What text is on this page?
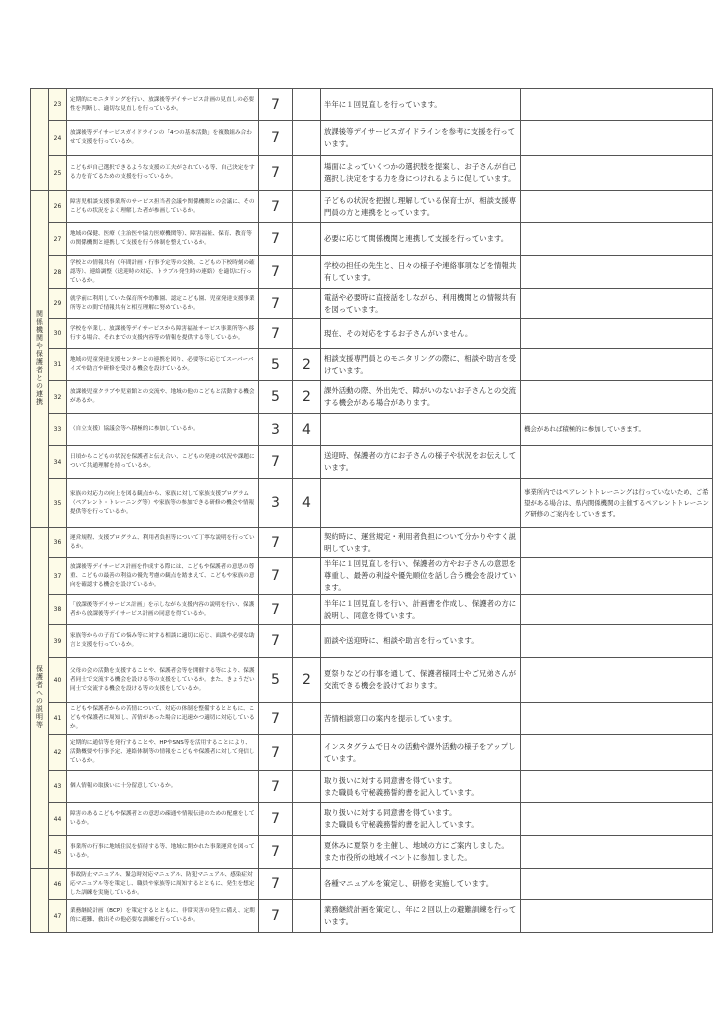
	23	定期的にモニタリングを行い、放課後等デイサービス計画の見直しの必要性を判断し、適切な見直しを行っているか。	7		半年に１回見直しを行っています。	
	24	放課後等デイサービスガイドラインの「4つの基本活動」を複数組み合わせて支援を行っているか。	7		放課後等デイサービスガイドラインを参考に支援を行っています。	
	25	こどもが自己選択できるような支援の工夫がされている等、自己決定をする力を育てるための支援を行っているか。	7		場面によっていくつかの選択肢を提案し、お子さんが自己選択し決定をする力を身につけれるように促しています。	
関係機関や保護者との連携	26	障害児相談支援事業所のサービス担当者会議や関係機関との会議に、そのこどもの状況をよく理解した者が参画しているか。	7		子どもの状況を把握し理解している保育士が、相談支援専門員の方と連携をとっています。	
	27	地域の保健、医療（主治医や協力医療機関等）、障害福祉、保育、教育等の関係機関と連携して支援を行う体制を整えているか。	7		必要に応じて関係機関と連携して支援を行っています。	
	28	学校との情報共有（年間計画・行事予定等の交換、こどもの下校時刻の確認等）、連絡調整（送迎時の対応、トラブル発生時の連絡）を適切に行っているか。	7		学校の担任の先生と、日々の様子や連絡事項などを情報共有しています。	
	29	就学前に利用していた保育所や幼稚園、認定こども園、児童発達支援事業所等との間で情報共有と相互理解に努めているか。	7		電話や必要時に直接話をしながら、利用機関との情報共有を図っています。	
	30	学校を卒業し、放課後等デイサービスから障害福祉サービス事業所等へ移行する場合、それまでの支援内容等の情報を提供する等しているか。	7		現在、その対応をするお子さんがいません。	
	31	地域の児童発達支援センターとの連携を図り、必要等に応じてスーパーバイズや助言や研修を受ける機会を設けているか。	5	2	相談支援専門員とのモニタリングの際に、相談や助言を受けています。	
	32	放課後児童クラブや児童館との交流や、地域の他のこどもと活動する機会があるか。	5	2	課外活動の際、外出先で、障がいのないお子さんとの交流する機会がある場合があります。	
	33	（自立支援）協議会等へ積極的に参加しているか。	3	4		機会があれば積極的に参加していきます。
	34	日頃からこどもの状況を保護者と伝え合い、こどもの発達の状況や課題について共通理解を持っているか。	7		送迎時、保護者の方にお子さんの様子や状況をお伝えしています。	
	35	家族の対応力の向上を図る観点から、家族に対して家族支援プログラム（ペアレント・トレーニング等）や家族等の参加できる研修の機会や情報提供等を行っているか。	3	4		事業所内ではペアレントトレーニングは行っていないため、ご希望がある場合は、県内関係機関の主催するペアレントトレーニング研修のご案内をしていきます。
保護者への説明等	36	運営規程、支援プログラム、利用者負担等について丁寧な説明を行っているか。	7		契約時に、運営規定・利用者負担について分かりやすく説明しています。	
	37	放課後等デイサービス計画を作成する際には、こどもや保護者の意思の尊重、こどもの最善の利益の優先考慮の観点を踏まえて、こどもや家族の意向を確認する機会を設けているか。	7		半年に１回見直しを行い、保護者の方やお子さんの意思を尊重し、最善の利益や優先順位を話し合う機会を設けています。	
	38	「放課後等デイサービス計画」を示しながら支援内容の説明を行い、保護者から放課後等デイサービス計画の同意を得ているか。	7		半年に１回見直しを行い、計画書を作成し、保護者の方に説明し、同意を得ています。	
	39	家族等からの子育ての悩み等に対する相談に適切に応じ、面談や必要な助言と支援を行っているか。	7		面談や送迎時に、相談や助言を行っています。	
	40	父母の会の活動を支援することや、保護者会等を開催する等により、保護者同士で交流する機会を設ける等の支援をしているか。また、きょうだい同士で交流する機会を設ける等の支援をしているか。	5	2	夏祭りなどの行事を通して、保護者様同士やご兄弟さんが交流できる機会を設けております。	
	41	こどもや保護者からの苦情について、対応の体制を整備するとともに、こどもや保護者に周知し、苦情があった場合に迅速かつ適切に対応しているか。	7		苦情相談窓口の案内を提示しています。	
	42	定期的に通信等を発行することや、HPやSNS等を活用することにより、活動概要や行事予定、連絡体制等の情報をこどもや保護者に対して発信しているか。	7		インスタグラムで日々の活動や課外活動の様子をアップしています。	
	43	個人情報の取扱いに十分留意しているか。	7		取り扱いに対する同意書を得ています。
また職員も守秘義務誓約書を記入しています。	
	44	障害のあるこどもや保護者との意思の疎通や情報伝達のための配慮をしているか。	7		取り扱いに対する同意書を得ています。
また職員も守秘義務誓約書を記入しています。	
	45	事業所の行事に地域住民を招待する等、地域に開かれた事業運営を図っているか。	7		夏休みに夏祭りを主催し、地域の方にご案内しました。
また市役所の地域イベントに参加しました。	
	46	事故防止マニュアル、緊急時対応マニュアル、防犯マニュアル、感染症対応マニュアル等を策定し、職員や家族等に周知するとともに、発生を想定した訓練を実施しているか。	7		各種マニュアルを策定し、研修を実施しています。	
	47	業務継続計画（BCP）を策定するとともに、非常災害の発生に備え、定期的に避難、救出その他必要な訓練を行っているか。	7		業務継続計画を策定し、年に２回以上の避難訓練を行っています。	
